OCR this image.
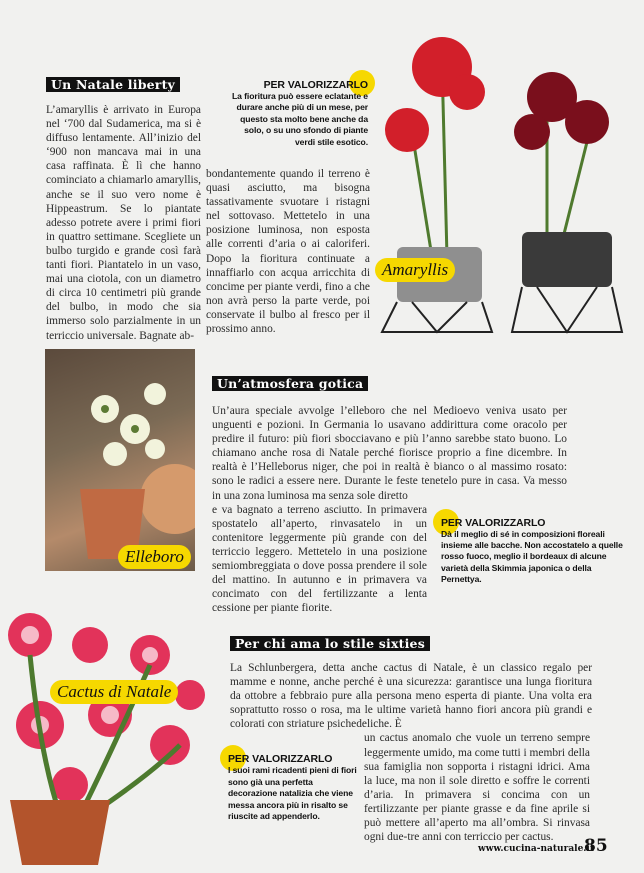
Un Natale liberty
L’amaryllis è arrivato in Europa nel ‘700 dal Sudamerica, ma si è diffuso lentamente. All’inizio del ‘900 non mancava mai in una casa raffinata. È lì che hanno cominciato a chiamarlo amaryllis, anche se il suo vero nome è Hippeastrum. Se lo piantate adesso potrete avere i primi fiori in quattro settimane. Scegliete un bulbo turgido e grande così farà tanti fiori. Piantatelo in un vaso, mai una ciotola, con un diametro di circa 10 centimetri più grande del bulbo, in modo che sia immerso solo parzialmente in un terriccio universale. Bagnate ab-
bondantemente quando il terreno è quasi asciutto, ma bisogna tassativamente svuotare i ristagni nel sottovaso. Mettetelo in una posizione luminosa, non esposta alle correnti d’aria o ai caloriferi. Dopo la fioritura continuate a innaffiarlo con acqua arricchita di concime per piante verdi, fino a che non avrà perso la parte verde, poi conservate il bulbo al fresco per il prossimo anno.
PER VALORIZZARLO
La fioritura può essere eclatante e durare anche più di un mese, per questo sta molto bene anche da solo, o su uno sfondo di piante verdi stile esotico.
Amaryllis
Elleboro
Un’atmosfera gotica
Un’aura speciale avvolge l’elleboro che nel Medioevo veniva usato per unguenti e pozioni. In Germania lo usavano addirittura come oracolo per predire il futuro: più fiori sbocciavano e più l’anno sarebbe stato buono. Lo chiamano anche rosa di Natale perché fiorisce proprio a fine dicembre. In realtà è l’Helleborus niger, che poi in realtà è bianco o al massimo rosato: sono le radici a essere nere. Durante le feste tenetelo pure in casa. Va messo in una zona luminosa ma senza sole diretto
e va bagnato a terreno asciutto. In primavera spostatelo all’aperto, rinvasatelo in un contenitore leggermente più grande con del terriccio leggero. Mettetelo in una posizione semiombreggiata o dove possa prendere il sole del mattino. In autunno e in primavera va concimato con del fertilizzante a lenta cessione per piante fiorite.
PER VALORIZZARLO
Dà il meglio di sé in composizioni floreali insieme alle bacche. Non accostatelo a quelle rosso fuoco, meglio il bordeaux di alcune varietà della Skimmia japonica o della Pernettya.
Cactus di Natale
Per chi ama lo stile sixties
La Schlunbergera, detta anche cactus di Natale, è un classico regalo per mamme e nonne, anche perché è una sicurezza: garantisce una lunga fioritura da ottobre a febbraio pure alla persona meno esperta di piante. Una volta era soprattutto rosso o rosa, ma le ultime varietà hanno fiori ancora più grandi e colorati con striature psichedeliche. È
PER VALORIZZARLO
I suoi rami ricadenti pieni di fiori sono già una perfetta decorazione natalizia che viene messa ancora più in risalto se riuscite ad appenderlo.
un cactus anomalo che vuole un terreno sempre leggermente umido, ma come tutti i membri della sua famiglia non sopporta i ristagni idrici. Ama la luce, ma non il sole diretto e soffre le correnti d’aria. In primavera si concima con un fertilizzante per piante grasse e da fine aprile si può mettere all’aperto ma all’ombra. Si rinvasa ogni due-tre anni con terriccio per cactus.
www.cucina-naturale.it
85
